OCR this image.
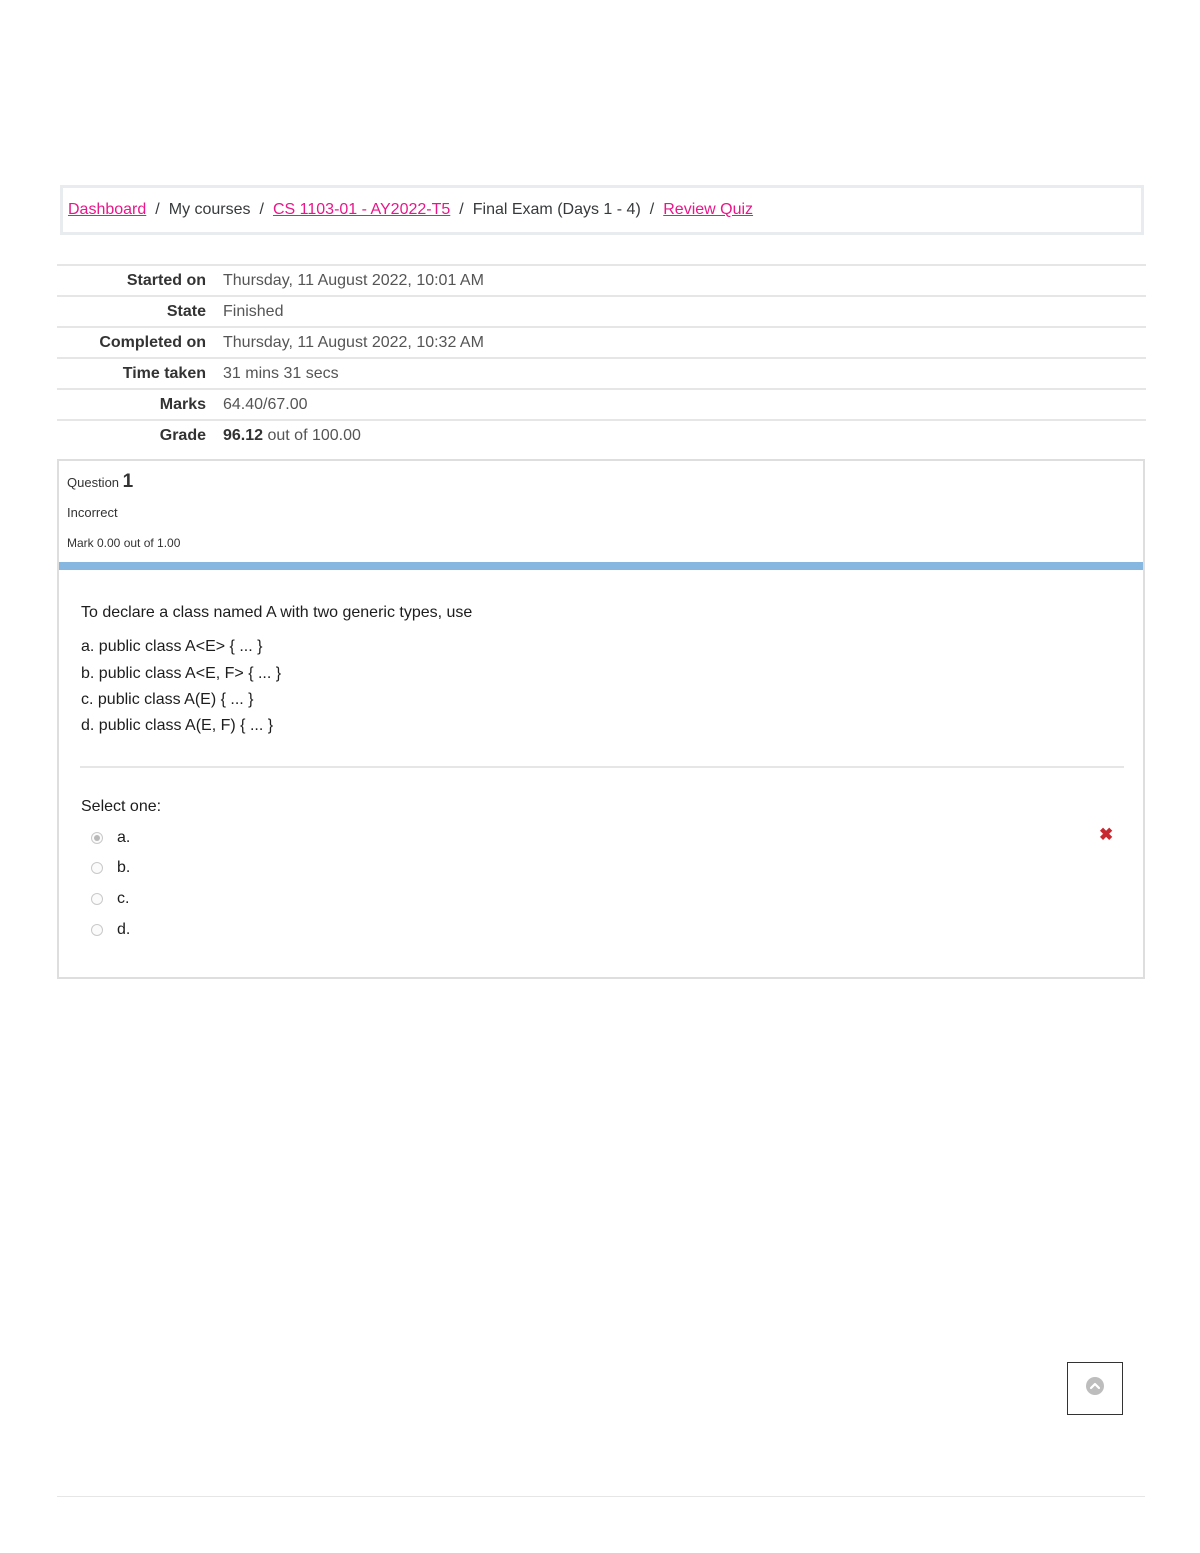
Dashboard / My courses / CS 1103-01 - AY2022-T5 / Final Exam (Days 1 - 4) / Review Quiz
Started on	Thursday, 11 August 2022, 10:01 AM
State	Finished
Completed on	Thursday, 11 August 2022, 10:32 AM
Time taken	31 mins 31 secs
Marks	64.40/67.00
Grade	96.12 out of 100.00
Question 1
Incorrect
Mark 0.00 out of 1.00
To declare a class named A with two generic types, use
a. public class A<E> { ... }
b. public class A<E, F> { ... }
c. public class A(E) { ... }
d. public class A(E, F) { ... }
Select one:
a.
b.
c.
d.
✖
